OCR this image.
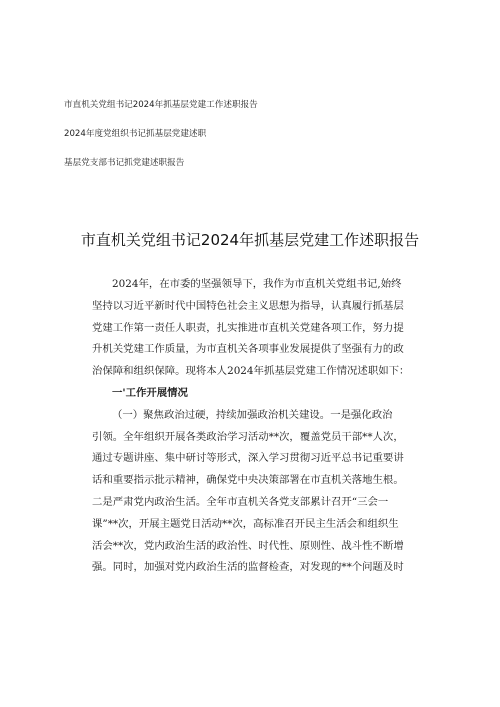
市直机关党组书记2024年抓基层党建工作述职报告
2024年度党组织书记抓基层党建述职
基层党支部书记抓党建述职报告
市直机关党组书记2024年抓基层党建工作述职报告
2024年，在市委的坚强领导下，我作为市直机关党组书记,始终
坚持以习近平新时代中国特色社会主义思想为指导，认真履行抓基层
党建工作第一责任人职责，扎实推进市直机关党建各项工作，努力提
升机关党建工作质量，为市直机关各项事业发展提供了坚强有力的政
治保障和组织保障。现将本人2024年抓基层党建工作情况述职如下：
一'工作开展情况
（一）聚焦政治过硬，持续加强政治机关建设。一是强化政治
引领。全年组织开展各类政治学习活动**次，覆盖党员干部**人次，
通过专题讲座、集中研讨等形式，深入学习贯彻习近平总书记重要讲
话和重要指示批示精神，确保党中央决策部署在市直机关落地生根。
二是严肃党内政治生活。全年市直机关各党支部累计召开“三会一
课”**次，开展主题党日活动**次，高标准召开民主生活会和组织生
活会**次，党内政治生活的政治性、时代性、原则性、战斗性不断增
强。同时，加强对党内政治生活的监督检查，对发现的**个问题及时
